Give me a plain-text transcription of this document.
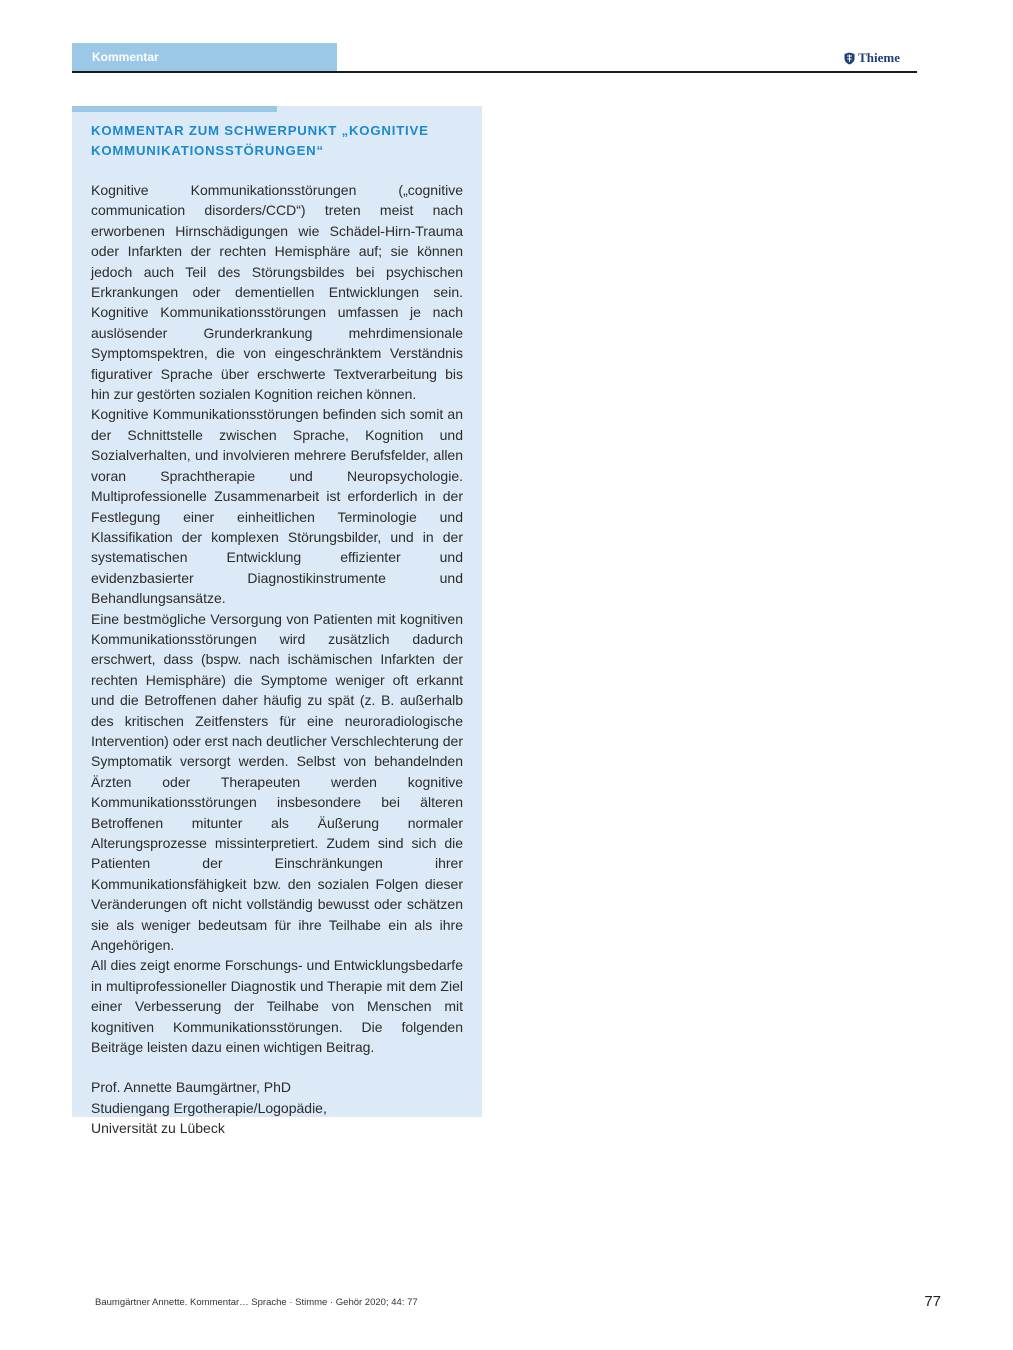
Kommentar	Thieme
KOMMENTAR ZUM SCHWERPUNKT „KOGNITIVE
KOMMUNIKATIONSSTÖRUNGEN“

Kognitive Kommunikationsstörungen („cognitive communication disorders/CCD“) treten meist nach erworbenen Hirnschädigungen wie Schädel-Hirn-Trauma oder Infarkten der rechten Hemisphäre auf; sie können jedoch auch Teil des Störungsbildes bei psychischen Erkrankungen oder dementiellen Entwicklungen sein. Kognitive Kommunikationsstörungen umfassen je nach auslösender Grunderkrankung mehrdimensionale Symptomspektren, die von eingeschränktem Verständnis figurativer Sprache über erschwerte Textverarbeitung bis hin zur gestörten sozialen Kognition reichen können.

Kognitive Kommunikationsstörungen befinden sich somit an der Schnittstelle zwischen Sprache, Kognition und Sozialverhalten, und involvieren mehrere Berufsfelder, allen voran Sprachtherapie und Neuropsychologie. Multiprofessionelle Zusammenarbeit ist erforderlich in der Festlegung einer einheitlichen Terminologie und Klassifikation der komplexen Störungsbilder, und in der systematischen Entwicklung effizienter und evidenzbasierter Diagnostikinstrumente und Behandlungsansätze.

Eine bestmögliche Versorgung von Patienten mit kognitiven Kommunikationsstörungen wird zusätzlich dadurch erschwert, dass (bspw. nach ischämischen Infarkten der rechten Hemisphäre) die Symptome weniger oft erkannt und die Betroffenen daher häufig zu spät (z. B. außerhalb des kritischen Zeitfensters für eine neuroradiologische Intervention) oder erst nach deutlicher Verschlechterung der Symptomatik versorgt werden. Selbst von behandelnden Ärzten oder Therapeuten werden kognitive Kommunikationsstörungen insbesondere bei älteren Betroffenen mitunter als Äußerung normaler Alterungsprozesse missinterpretiert. Zudem sind sich die Patienten der Einschränkungen ihrer Kommunikationsfähigkeit bzw. den sozialen Folgen dieser Veränderungen oft nicht vollständig bewusst oder schätzen sie als weniger bedeutsam für ihre Teilhabe ein als ihre Angehörigen.

All dies zeigt enorme Forschungs- und Entwicklungsbedarfe in multiprofessioneller Diagnostik und Therapie mit dem Ziel einer Verbesserung der Teilhabe von Menschen mit kognitiven Kommunikationsstörungen. Die folgenden Beiträge leisten dazu einen wichtigen Beitrag.

Prof. Annette Baumgärtner, PhD
Studiengang Ergotherapie/Logopädie,
Universität zu Lübeck
Baumgärtner Annette. Kommentar… Sprache · Stimme · Gehör 2020; 44: 77	77
